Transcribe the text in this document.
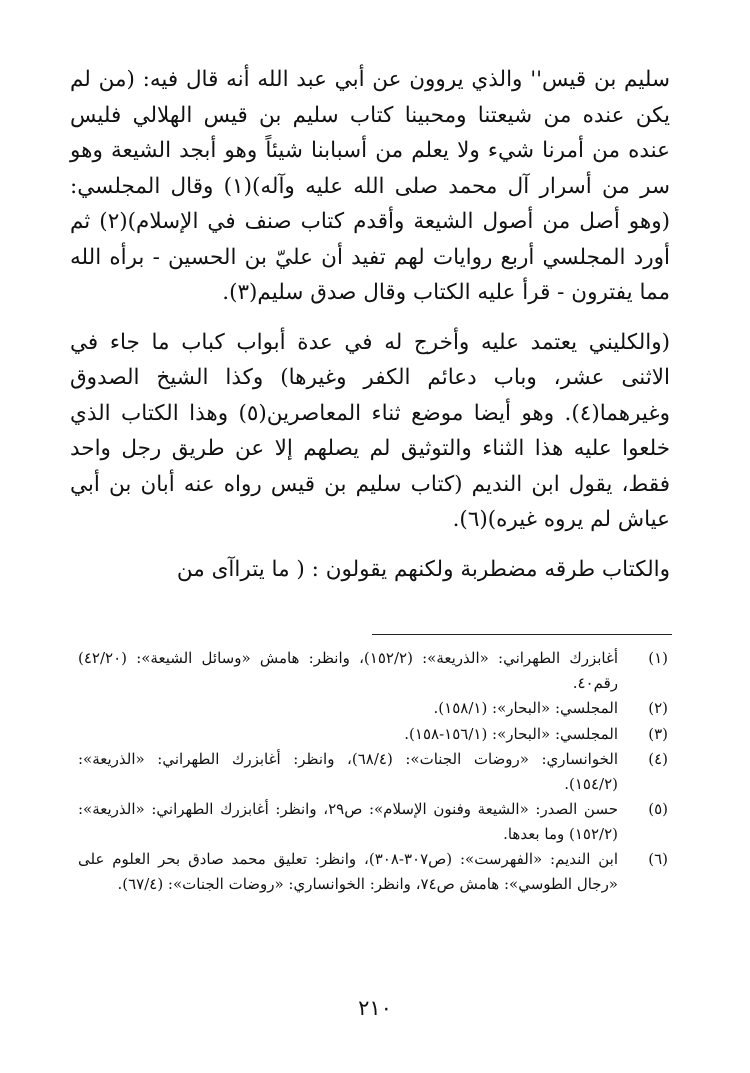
سليم بن قيس'' والذي يروون عن أبي عبد الله أنه قال فيه: (من لم يكن عنده من شيعتنا ومحبينا كتاب سليم بن قيس الهلالي فليس عنده من أمرنا شيء ولا يعلم من أسبابنا شيئاً وهو أبجد الشيعة وهو سر من أسرار آل محمد صلى الله عليه وآله)(١) وقال المجلسي: (وهو أصل من أصول الشيعة وأقدم كتاب صنف في الإسلام)(٢) ثم أورد المجلسي أربع روايات لهم تفيد أن عليّ بن الحسين - برأه الله مما يفترون - قرأ عليه الكتاب وقال صدق سليم(٣).

(والكليني يعتمد عليه وأخرج له في عدة أبواب كباب ما جاء في الاثنى عشر، وباب دعائم الكفر وغيرها) وكذا الشيخ الصدوق وغيرهما(٤). وهو أيضا موضع ثناء المعاصرين(٥) وهذا الكتاب الذي خلعوا عليه هذا الثناء والتوثيق لم يصلهم إلا عن طريق رجل واحد فقط، يقول ابن النديم (كتاب سليم بن قيس رواه عنه أبان بن أبي عياش لم يروه غيره)(٦).

والكتاب طرقه مضطربة ولكنهم يقولون : ( ما يتراآى من

(١)
أغابزرك الطهراني: «الذريعة»: (١٥٢/٢)، وانظر: هامش «وسائل الشيعة»: (٤٢/٢٠) رقم٤٠.
(٢)
المجلسي: «البحار»: (١٥٨/١).
(٣)
المجلسي: «البحار»: (١٥٦/١-١٥٨).
(٤)
الخوانساري: «روضات الجنات»: (٦٨/٤)، وانظر: أغابزرك الطهراني: «الذريعة»: (١٥٤/٢).
(٥)
حسن الصدر: «الشيعة وفنون الإسلام»: ص٢٩، وانظر: أغابزرك الطهراني: «الذريعة»: (١٥٢/٢) وما بعدها.
(٦)
ابن النديم: «الفهرست»: (ص٣٠٧-٣٠٨)، وانظر: تعليق محمد صادق بحر العلوم على «رجال الطوسي»: هامش ص٧٤، وانظر: الخوانساري: «روضات الجنات»: (٦٧/٤).
٢١٠
